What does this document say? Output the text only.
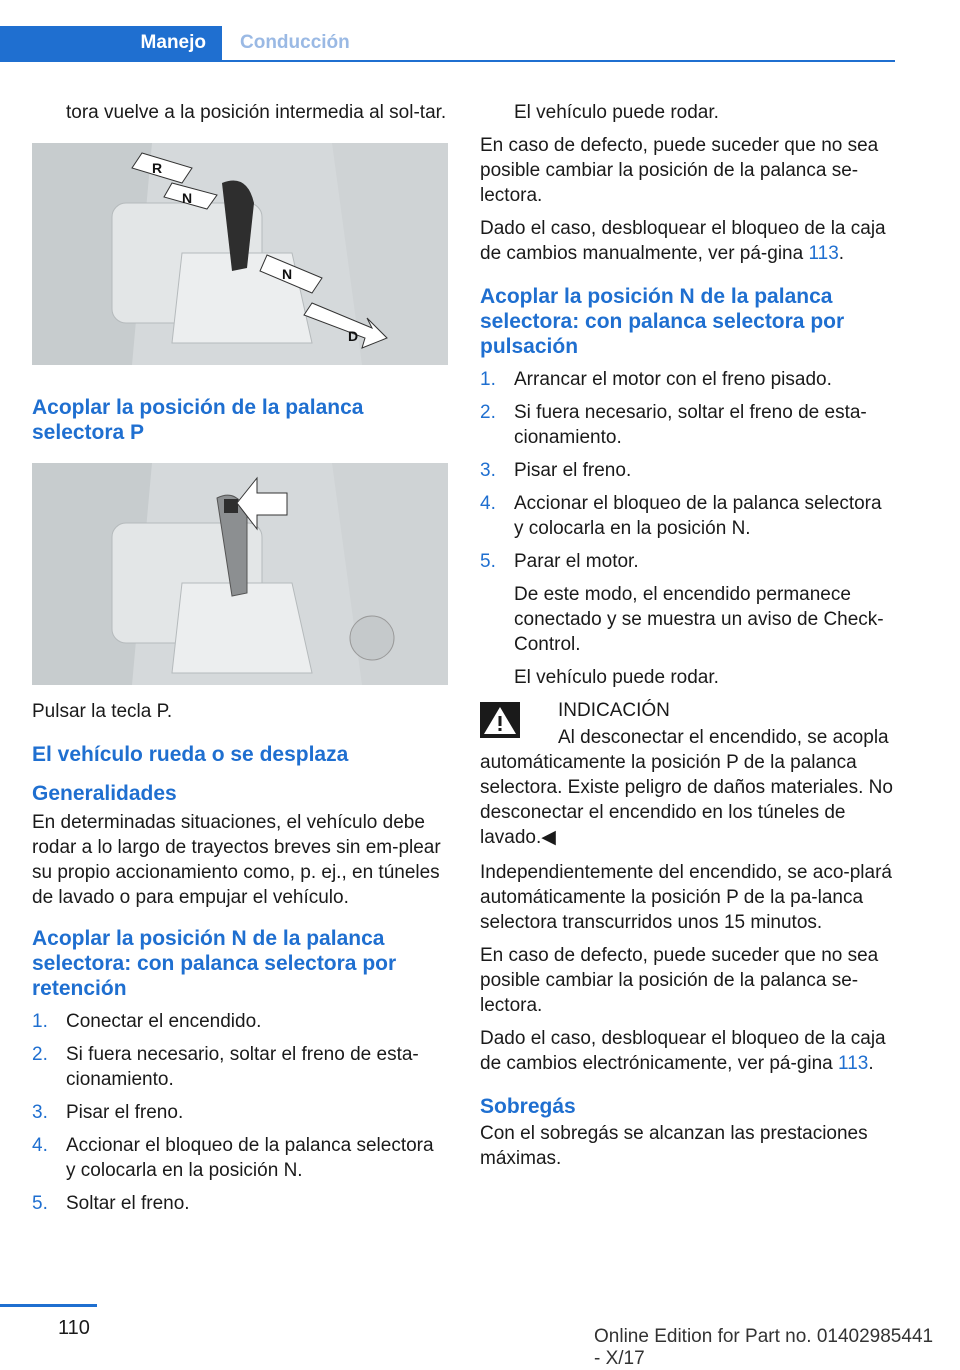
Manejo Conducción

tora vuelve a la posición intermedia al sol-tar.

R
N
N
D
Acoplar la posición de la palanca selectora P

Pulsar la tecla P.

El vehículo rueda o se desplaza
Generalidades

En determinadas situaciones, el vehículo debe rodar a lo largo de trayectos breves sin em-plear su propio accionamiento como, p. ej., en túneles de lavado o para empujar el vehículo.

Acoplar la posición N de la palanca selectora: con palanca selectora por retención
1. Conectar el encendido.
2. Si fuera necesario, soltar el freno de esta-cionamiento.
3. Pisar el freno.
4. Accionar el bloqueo de la palanca selectora y colocarla en la posición N.
5. Soltar el freno.

El vehículo puede rodar.

En caso de defecto, puede suceder que no sea posible cambiar la posición de la palanca se-lectora.

Dado el caso, desbloquear el bloqueo de la caja de cambios manualmente, ver pá-gina 113.

Acoplar la posición N de la palanca selectora: con palanca selectora por pulsación
1. Arrancar el motor con el freno pisado.
2. Si fuera necesario, soltar el freno de esta-cionamiento.
3. Pisar el freno.
4. Accionar el bloqueo de la palanca selectora y colocarla en la posición N.
5. Parar el motor.
De este modo, el encendido permanece conectado y se muestra un aviso de Check-Control.
El vehículo puede rodar.
INDICACIÓN
Al desconectar el encendido, se acopla automáticamente la posición P de la palanca selectora. Existe peligro de daños materiales. No desconectar el encendido en los túneles de lavado.◀

Independientemente del encendido, se aco-plará automáticamente la posición P de la pa-lanca selectora transcurridos unos 15 minutos.

En caso de defecto, puede suceder que no sea posible cambiar la posición de la palanca se-lectora.

Dado el caso, desbloquear el bloqueo de la caja de cambios electrónicamente, ver pá-gina 113.

Sobregás

Con el sobregás se alcanzan las prestaciones máximas.

110	Online Edition for Part no. 01402985441 - X/17
